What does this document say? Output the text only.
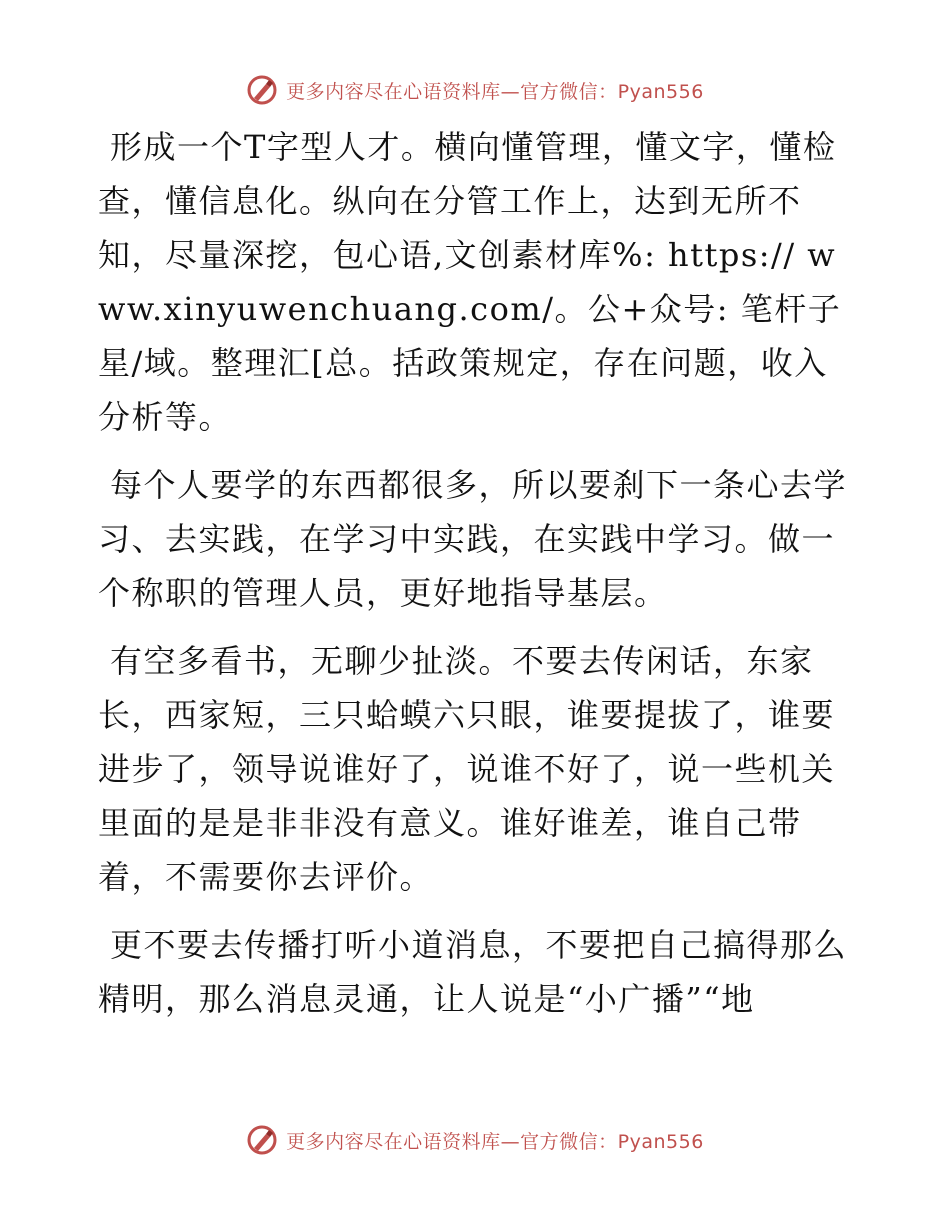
更多内容尽在心语资料库—官方微信：Pyan556

形成一个T字型人才。横向懂管理，懂文字，懂检查，懂信息化。纵向在分管工作上，达到无所不知，尽量深挖，包心语,文创素材库%: https:// www.xinyuwenchuang.com/。公+众号: 笔杆子星/域。整理汇[总。括政策规定，存在问题，收入分析等。

每个人要学的东西都很多，所以要刹下一条心去学习、去实践，在学习中实践，在实践中学习。做一个称职的管理人员，更好地指导基层。

有空多看书，无聊少扯淡。不要去传闲话，东家长，西家短，三只蛤蟆六只眼，谁要提拔了，谁要进步了，领导说谁好了，说谁不好了，说一些机关里面的是是非非没有意义。谁好谁差，谁自己带着，不需要你去评价。

更不要去传播打听小道消息，不要把自己搞得那么精明，那么消息灵通，让人说是“小广播”“地

更多内容尽在心语资料库—官方微信：Pyan556
